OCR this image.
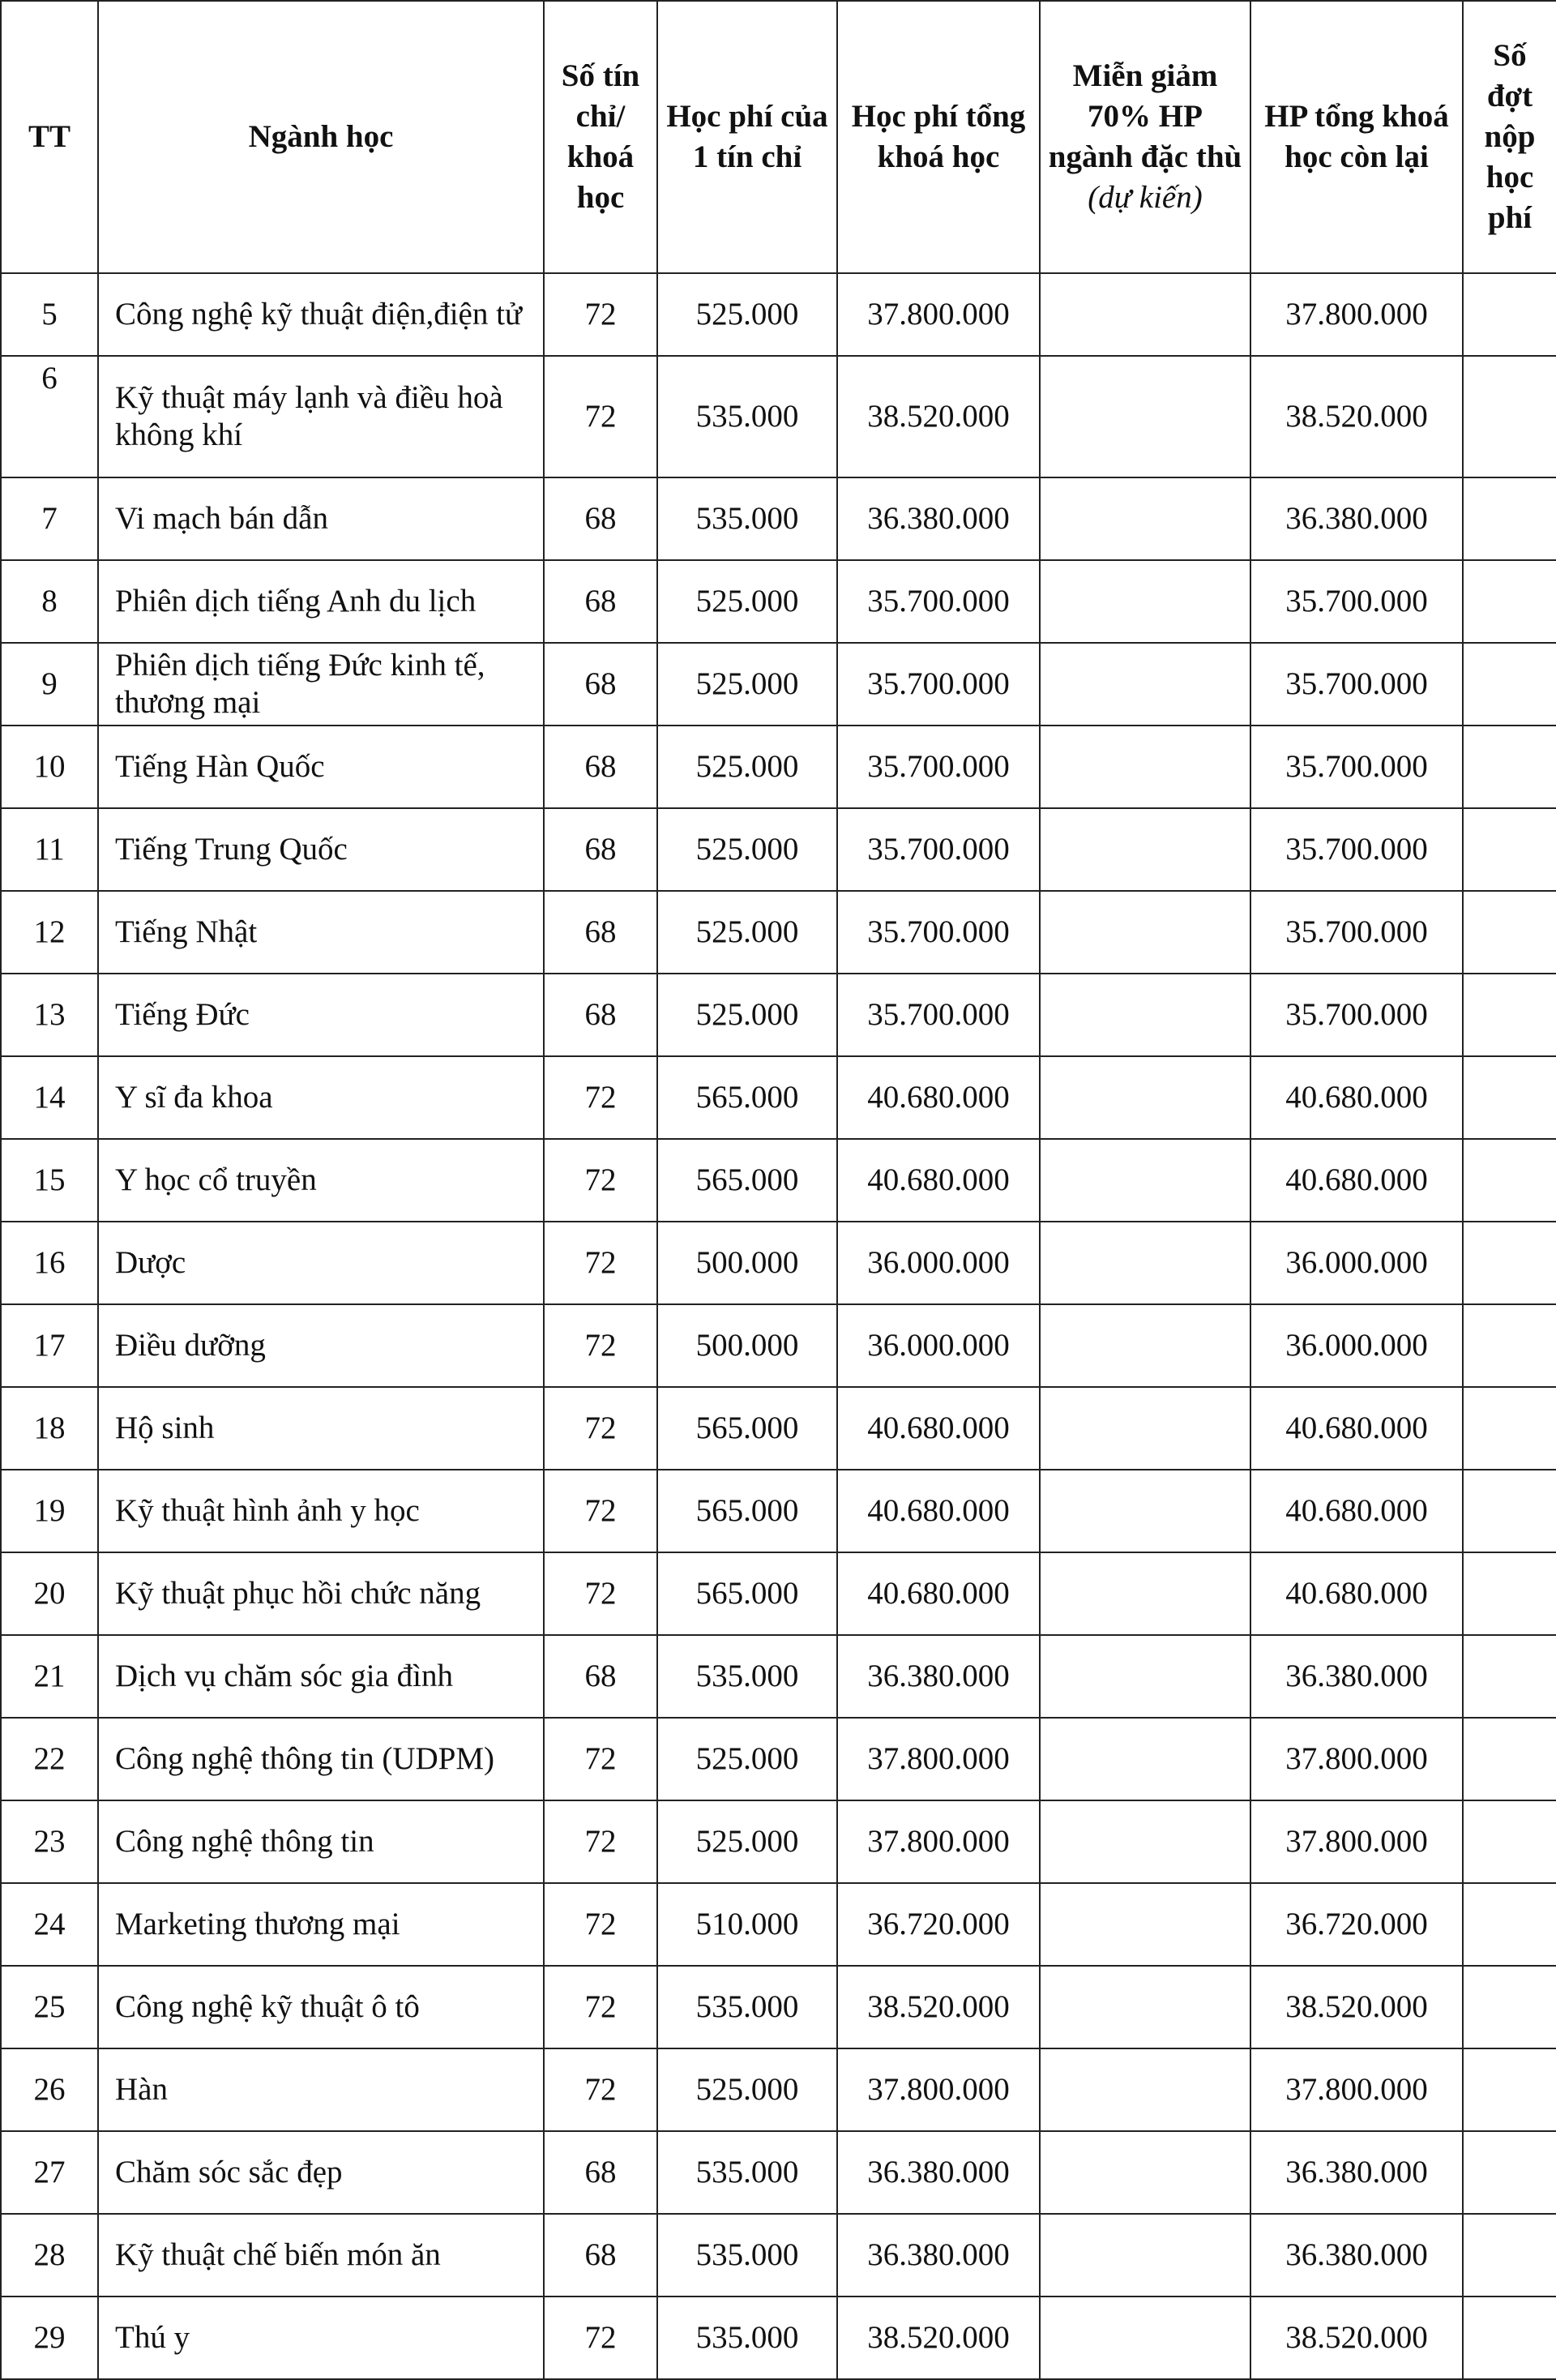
TT	Ngành học	Số tín chỉ/ khoá học	Học phí của 1 tín chỉ	Học phí tổng khoá học	Miễn giảm 70% HP ngành đặc thù (dự kiến)	HP tổng khoá học còn lại	Số đợt nộp học phí
5	Công nghệ kỹ thuật điện,điện tử	72	525.000	37.800.000		37.800.000	
6	Kỹ thuật máy lạnh và điều hoà không khí	72	535.000	38.520.000		38.520.000	
7	Vi mạch bán dẫn	68	535.000	36.380.000		36.380.000	
8	Phiên dịch tiếng Anh du lịch	68	525.000	35.700.000		35.700.000	
9	Phiên dịch tiếng Đức kinh tế, thương mại	68	525.000	35.700.000		35.700.000	
10	Tiếng Hàn Quốc	68	525.000	35.700.000		35.700.000	
11	Tiếng Trung Quốc	68	525.000	35.700.000		35.700.000	
12	Tiếng Nhật	68	525.000	35.700.000		35.700.000	
13	Tiếng Đức	68	525.000	35.700.000		35.700.000	
14	Y sĩ đa khoa	72	565.000	40.680.000		40.680.000	
15	Y học cổ truyền	72	565.000	40.680.000		40.680.000	
16	Dược	72	500.000	36.000.000		36.000.000	
17	Điều dưỡng	72	500.000	36.000.000		36.000.000	
18	Hộ sinh	72	565.000	40.680.000		40.680.000	
19	Kỹ thuật hình ảnh y học	72	565.000	40.680.000		40.680.000	
20	Kỹ thuật phục hồi chức năng	72	565.000	40.680.000		40.680.000	
21	Dịch vụ chăm sóc gia đình	68	535.000	36.380.000		36.380.000	
22	Công nghệ thông tin (UDPM)	72	525.000	37.800.000		37.800.000	
23	Công nghệ thông tin	72	525.000	37.800.000		37.800.000	
24	Marketing thương mại	72	510.000	36.720.000		36.720.000	
25	Công nghệ kỹ thuật ô tô	72	535.000	38.520.000		38.520.000	
26	Hàn	72	525.000	37.800.000		37.800.000	
27	Chăm sóc sắc đẹp	68	535.000	36.380.000		36.380.000	
28	Kỹ thuật chế biến món ăn	68	535.000	36.380.000		36.380.000	
29	Thú y	72	535.000	38.520.000		38.520.000	
